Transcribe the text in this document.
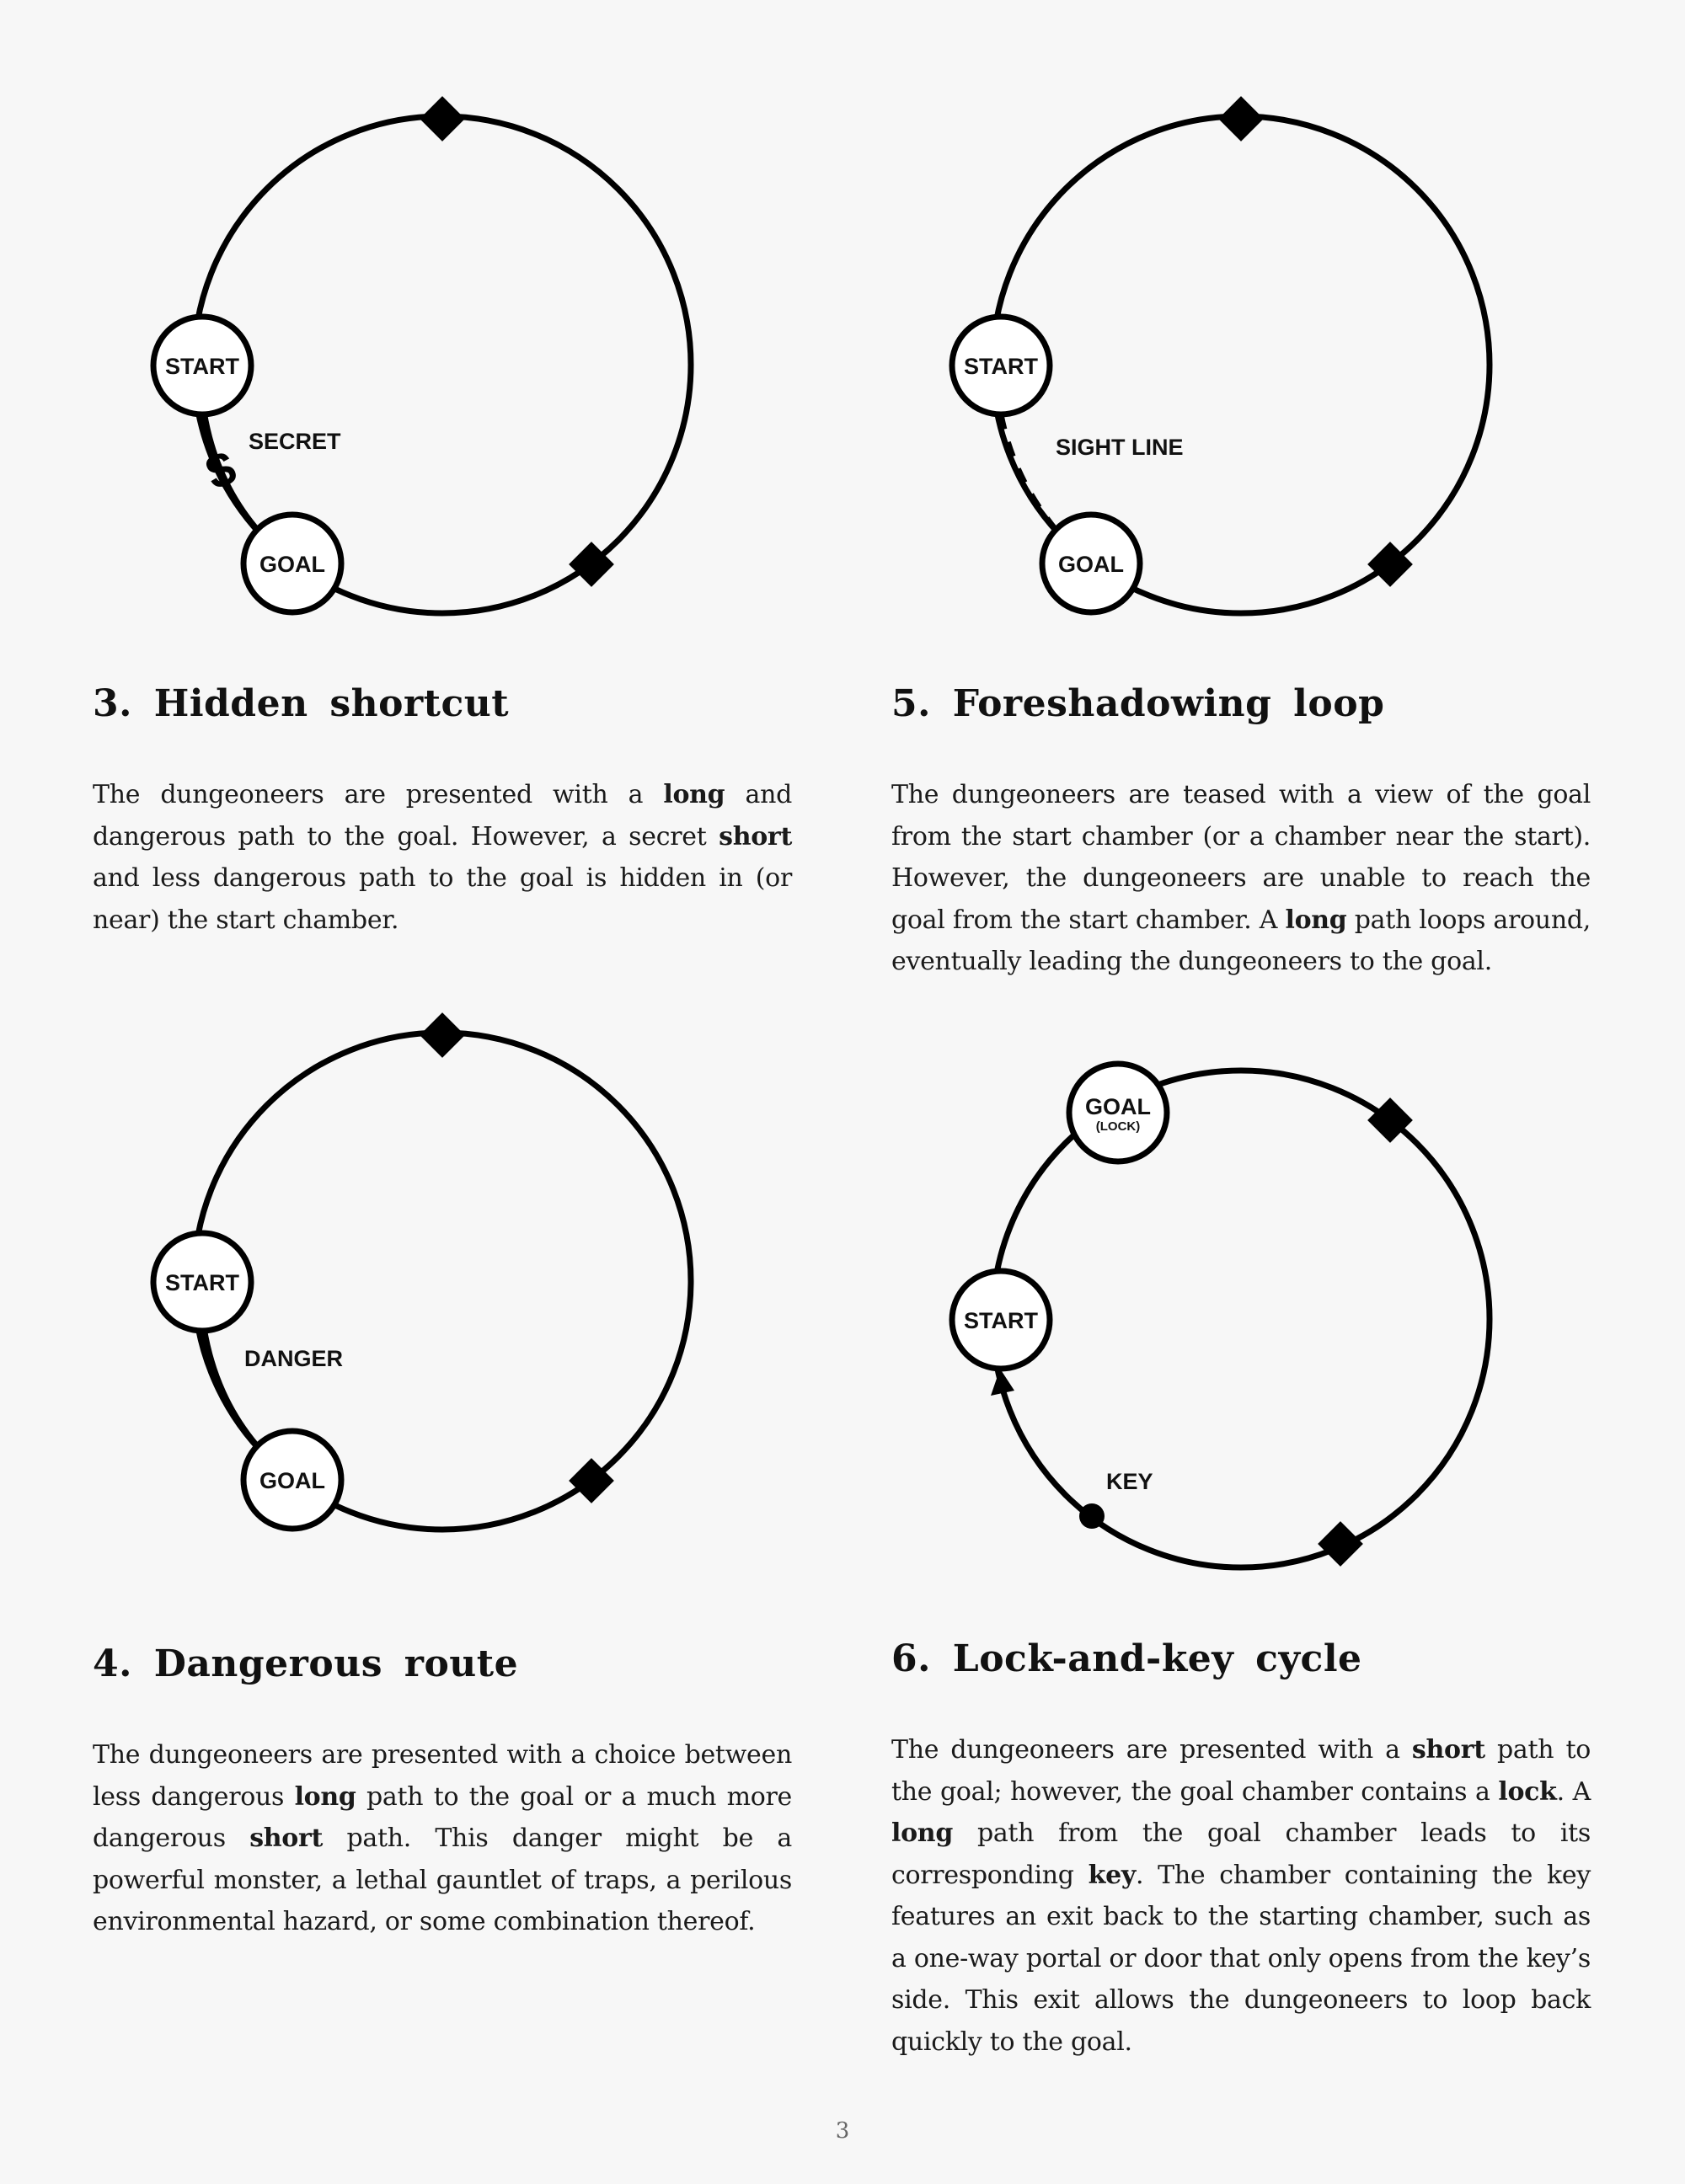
START
GOAL
$ SECRET
START
GOAL
SIGHT LINE
3. Hidden shortcut

The dungeoneers are presented with a long and dangerous path to the goal. However, a secret short and less dangerous path to the goal is hidden in (or near) the start chamber.

5. Foreshadowing loop

The dungeoneers are teased with a view of the goal from the start chamber (or a chamber near the start). However, the dungeoneers are unable to reach the goal from the start chamber. A long path loops around, eventually leading the dungeoneers to the goal.

START
GOAL
DANGER
START
GOAL
(LOCK)
KEY
4. Dangerous route

The dungeoneers are presented with a choice between less dangerous long path to the goal or a much more dangerous short path. This danger might be a powerful monster, a lethal gauntlet of traps, a perilous environmental hazard, or some combination thereof.

6. Lock-and-key cycle

The dungeoneers are presented with a short path to the goal; however, the goal chamber contains a lock. A long path from the goal chamber leads to its corresponding key. The chamber containing the key features an exit back to the starting chamber, such as a one-way portal or door that only opens from the key’s side. This exit allows the dungeoneers to loop back quickly to the goal.

3
